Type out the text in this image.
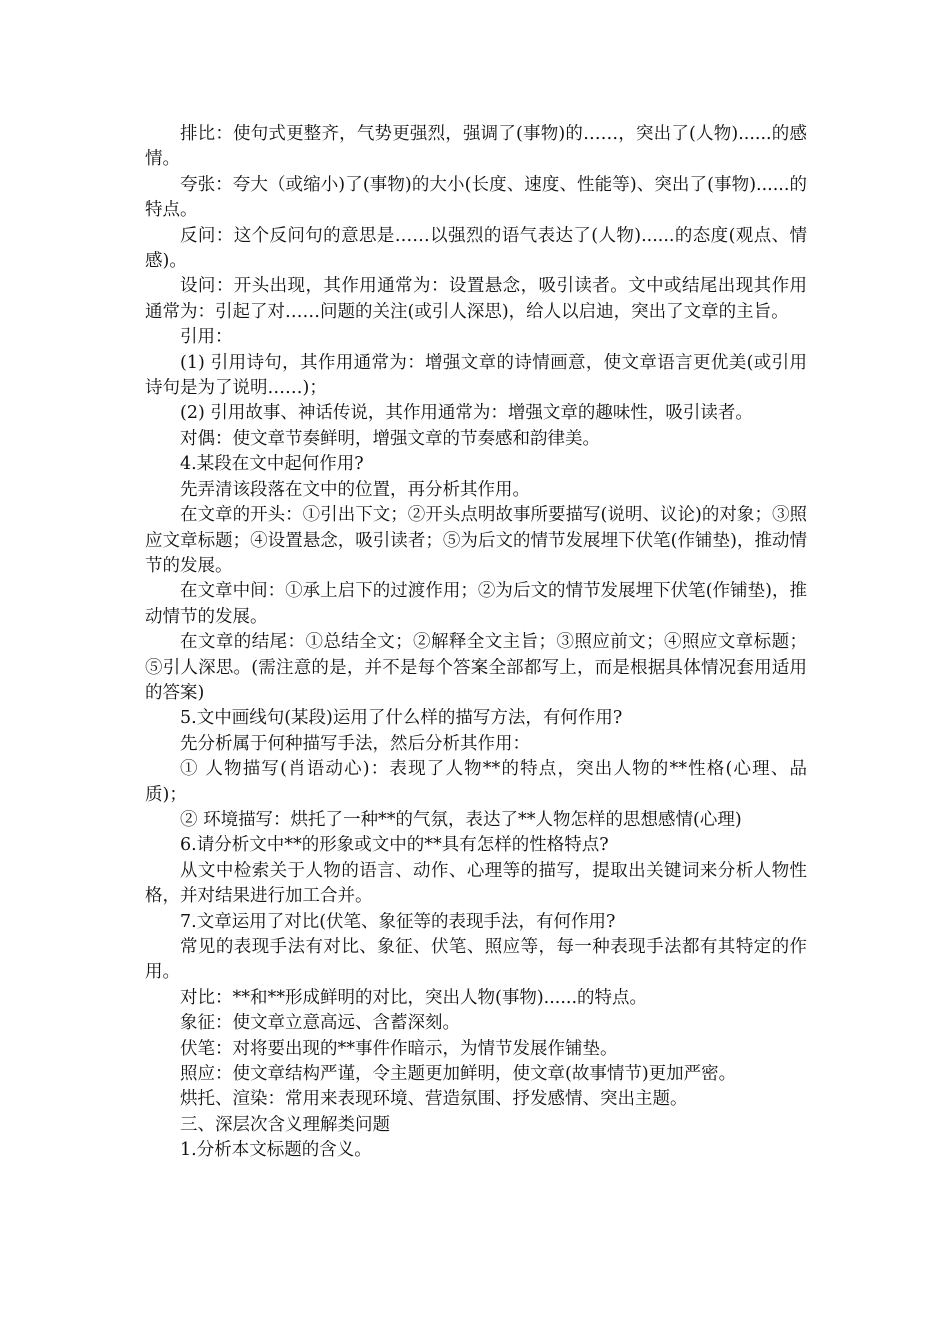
排比：使句式更整齐，气势更强烈，强调了(事物)的……，突出了(人物)......的感情。

夸张：夸大（或缩小)了(事物)的大小(长度、速度、性能等)、突出了(事物)......的特点。

反问：这个反问句的意思是……以强烈的语气表达了(人物)......的态度(观点、情感)。

设问：开头出现，其作用通常为：设置悬念，吸引读者。文中或结尾出现其作用通常为：引起了对……问题的关注(或引人深思)，给人以启迪，突出了文章的主旨。

引用：

(1) 引用诗句，其作用通常为：增强文章的诗情画意，使文章语言更优美(或引用诗句是为了说明……)；

(2) 引用故事、神话传说，其作用通常为：增强文章的趣味性，吸引读者。

对偶：使文章节奏鲜明，增强文章的节奏感和韵律美。

4.某段在文中起何作用?

先弄清该段落在文中的位置，再分析其作用。

在文章的开头：①引出下文；②开头点明故事所要描写(说明、议论)的对象；③照应文章标题；④设置悬念，吸引读者；⑤为后文的情节发展埋下伏笔(作铺垫)，推动情节的发展。

在文章中间：①承上启下的过渡作用；②为后文的情节发展埋下伏笔(作铺垫)，推动情节的发展。

在文章的结尾：①总结全文；②解释全文主旨；③照应前文；④照应文章标题；⑤引人深思。(需注意的是，并不是每个答案全部都写上，而是根据具体情况套用适用的答案)

5.文中画线句(某段)运用了什么样的描写方法，有何作用?

先分析属于何种描写手法，然后分析其作用：

① 人物描写(肖语动心)：表现了人物**的特点，突出人物的**性格(心理、品质)；

② 环境描写：烘托了一种**的气氛，表达了**人物怎样的思想感情(心理)

6.请分析文中**的形象或文中的**具有怎样的性格特点?

从文中检索关于人物的语言、动作、心理等的描写，提取出关键词来分析人物性格，并对结果进行加工合并。

7.文章运用了对比(伏笔、象征等的表现手法，有何作用?

常见的表现手法有对比、象征、伏笔、照应等，每一种表现手法都有其特定的作用。

对比：**和**形成鲜明的对比，突出人物(事物)......的特点。

象征：使文章立意高远、含蓄深刻。

伏笔：对将要出现的**事件作暗示，为情节发展作铺垫。

照应：使文章结构严谨，令主题更加鲜明，使文章(故事情节)更加严密。

烘托、渲染：常用来表现环境、营造氛围、抒发感情、突出主题。

三、深层次含义理解类问题

1.分析本文标题的含义。
